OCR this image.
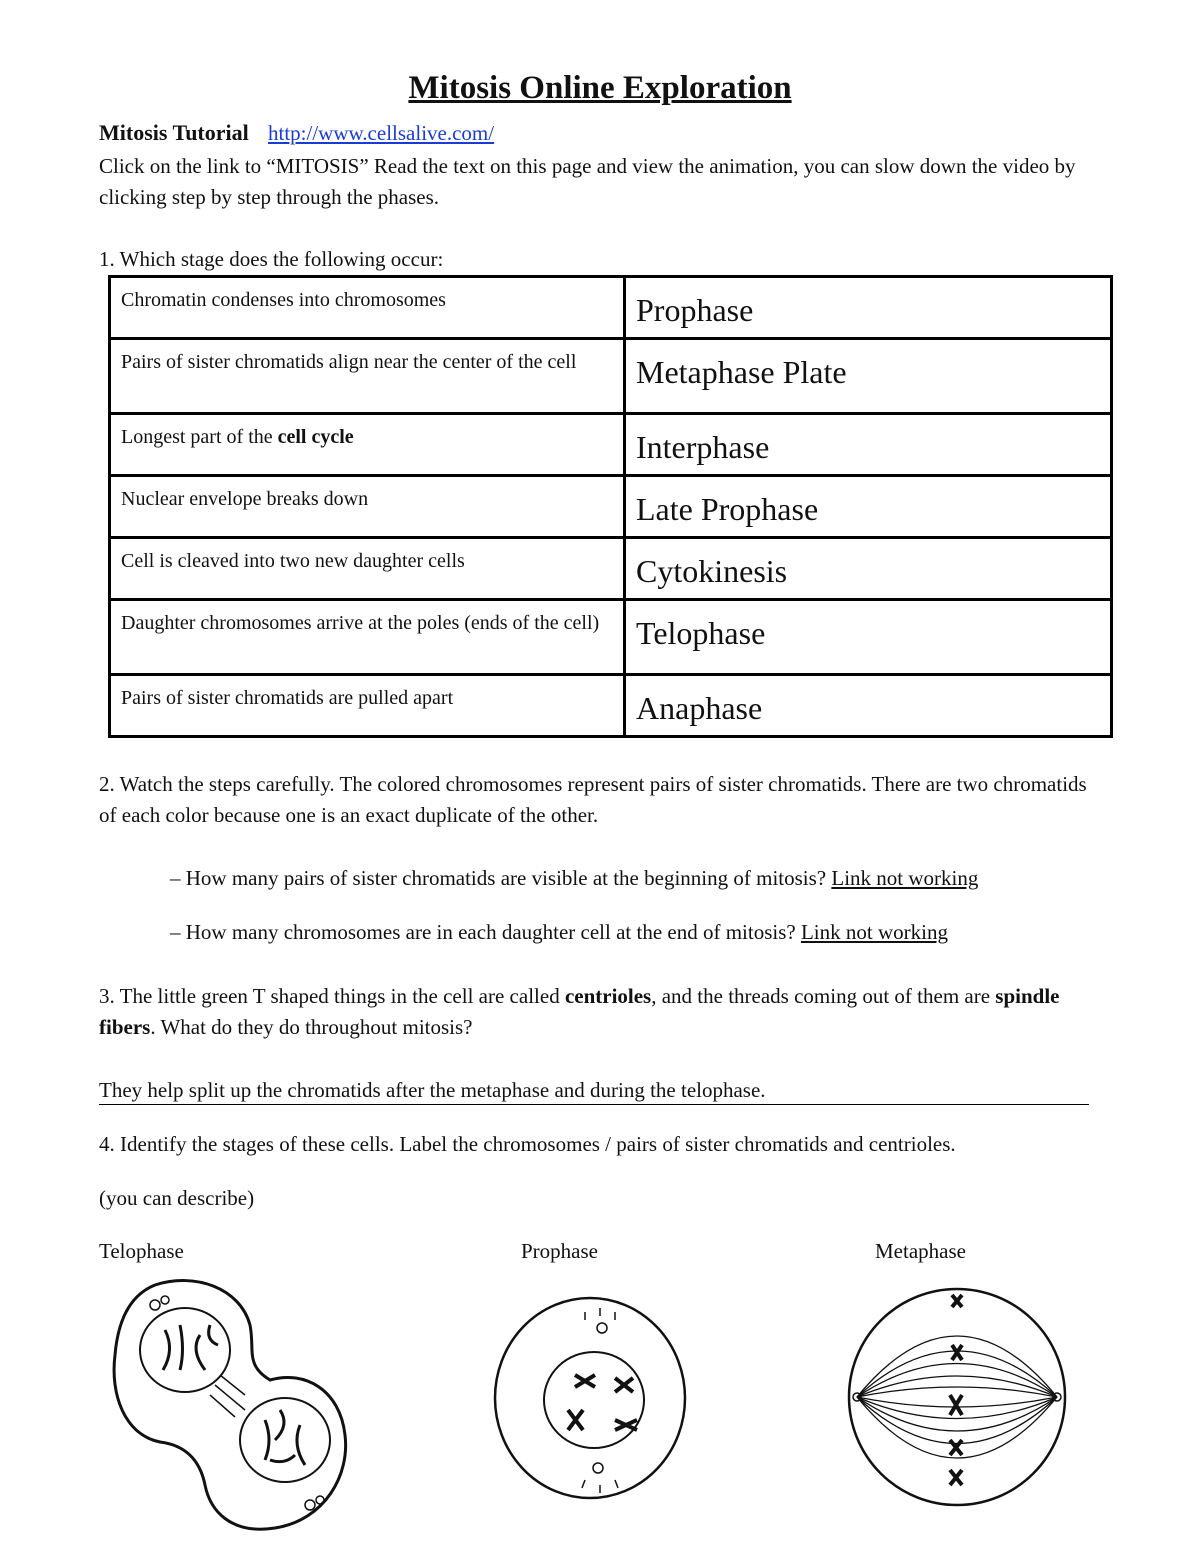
Mitosis Online Exploration
Mitosis Tutorial http://www.cellsalive.com/
Click on the link to “MITOSIS” Read the text on this page and view the animation, you can slow down the video by clicking step by step through the phases.
1. Which stage does the following occur:
Chromatin condenses into chromosomes	Prophase
Pairs of sister chromatids align near the center of the cell	Metaphase Plate
Longest part of the cell cycle	Interphase
Nuclear envelope breaks down	Late Prophase
Cell is cleaved into two new daughter cells	Cytokinesis
Daughter chromosomes arrive at the poles (ends of the cell)	Telophase
Pairs of sister chromatids are pulled apart	Anaphase
2. Watch the steps carefully. The colored chromosomes represent pairs of sister chromatids. There are two chromatids of each color because one is an exact duplicate of the other.
– How many pairs of sister chromatids are visible at the beginning of mitosis? Link not working
– How many chromosomes are in each daughter cell at the end of mitosis? Link not working
3. The little green T shaped things in the cell are called centrioles, and the threads coming out of them are spindle fibers. What do they do throughout mitosis?
They help split up the chromatids after the metaphase and during the telophase.
4. Identify the stages of these cells. Label the chromosomes / pairs of sister chromatids and centrioles.
(you can describe)
Telophase	Prophase	Metaphase
